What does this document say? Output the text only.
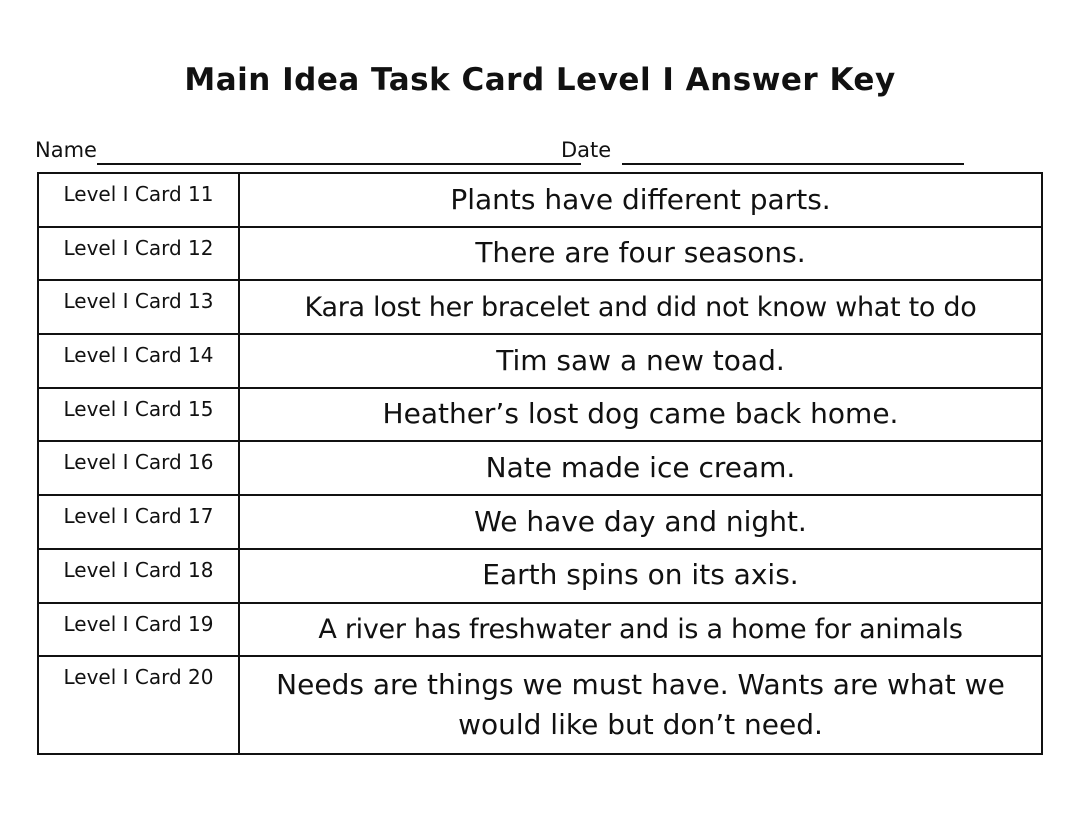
Main Idea Task Card Level I Answer Key
Name	Date
Level I Card 11	Plants have different parts.
Level I Card 12	There are four seasons.
Level I Card 13	Kara lost her bracelet and did not know what to do
Level I Card 14	Tim saw a new toad.
Level I Card 15	Heather’s lost dog came back home.
Level I Card 16	Nate made ice cream.
Level I Card 17	We have day and night.
Level I Card 18	Earth spins on its axis.
Level I Card 19	A river has freshwater and is a home for animals
Level I Card 20	Needs are things we must have. Wants are what we would like but don’t need.
